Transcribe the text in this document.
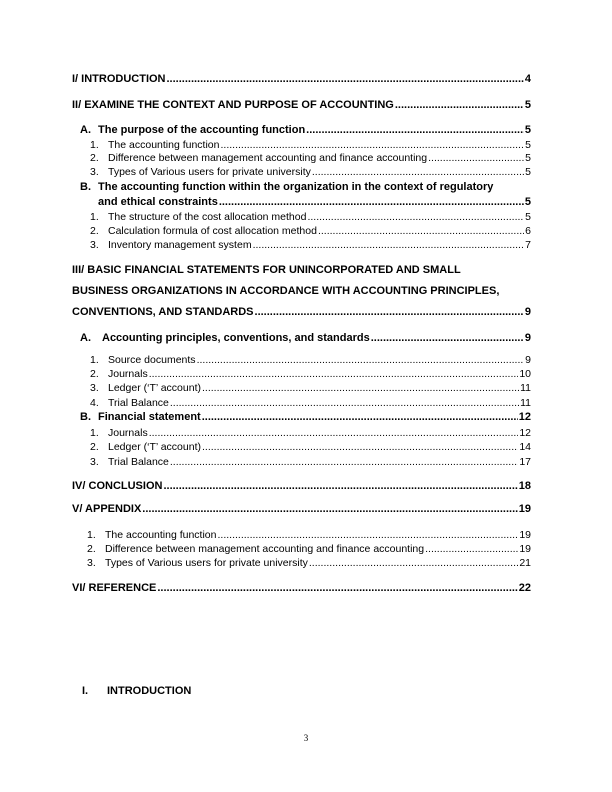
I/ INTRODUCTION .....	4
II/ EXAMINE THE CONTEXT AND PURPOSE OF ACCOUNTING .....	5
A. The purpose of the accounting function .....	5
1. The accounting function .....	5
2. Difference between management accounting and finance accounting .....	5
3. Types of Various users for private university .....	5
B. The accounting function within the organization in the context of regulatory
and ethical constraints .....	5
1. The structure of the cost allocation method .....	5
2. Calculation formula of cost allocation method .....	6
3. Inventory management system .....	7
III/ BASIC FINANCIAL STATEMENTS FOR UNINCORPORATED AND SMALL
BUSINESS ORGANIZATIONS IN ACCORDANCE WITH ACCOUNTING PRINCIPLES,
CONVENTIONS, AND STANDARDS .....	9
A.	Accounting principles, conventions, and standards .....	9
1. Source documents .....	9
2. Journals .....	10
3. Ledger (‘T’ account) .....	11
4. Trial Balance .....	11
B. Financial statement .....	12
1. Journals .....	12
2. Ledger (‘T’ account) .....	14
3. Trial Balance .....	17
IV/ CONCLUSION .....	18
V/ APPENDIX .....	19
1. The accounting function .....	19
2. Difference between management accounting and finance accounting .....	19
3. Types of Various users for private university .....	21
VI/ REFERENCE .....	22
I.	INTRODUCTION
3
